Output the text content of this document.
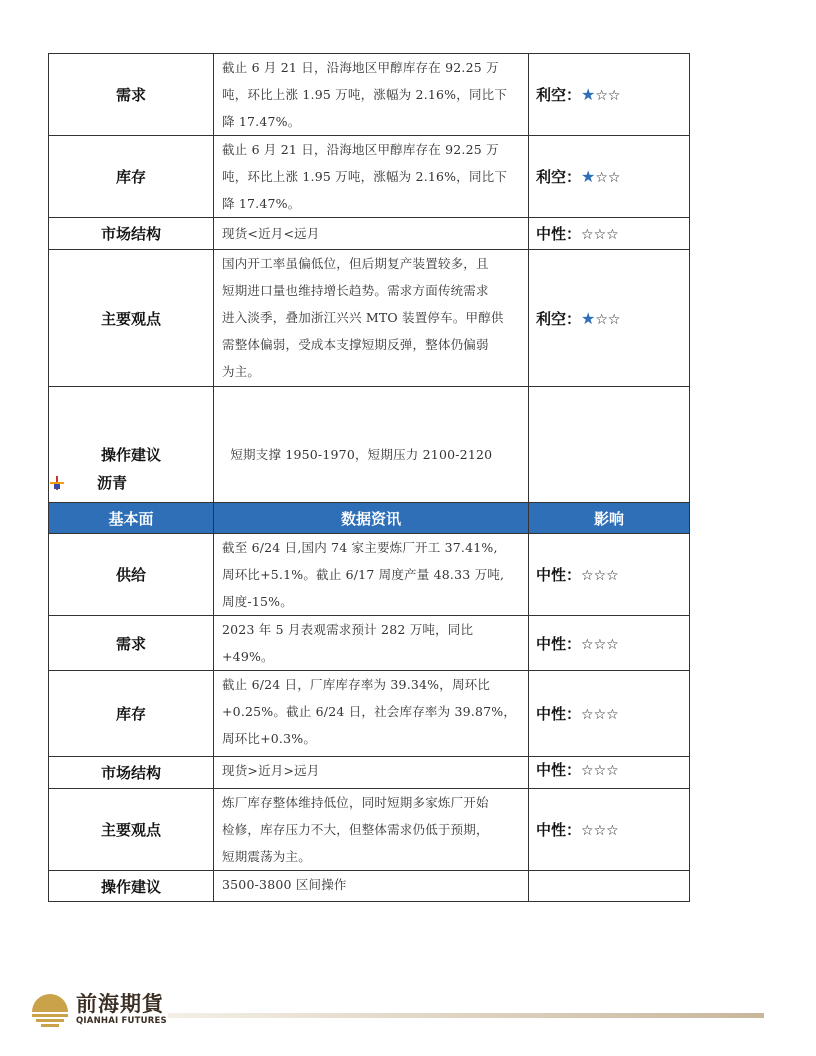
需求	截止 6 月 21 日，沿海地区甲醇库存在 92.25 万
吨，环比上涨 1.95 万吨，涨幅为 2.16%，同比下
降 17.47%。	利空：★☆☆
库存	截止 6 月 21 日，沿海地区甲醇库存在 92.25 万
吨，环比上涨 1.95 万吨，涨幅为 2.16%，同比下
降 17.47%。	利空：★☆☆
市场结构	现货<近月<远月	中性：☆☆☆
主要观点	国内开工率虽偏低位，但后期复产装置较多，且
短期进口量也维持增长趋势。需求方面传统需求
进入淡季，叠加浙江兴兴 MTO 装置停车。甲醇供
需整体偏弱，受成本支撑短期反弹，整体仍偏弱
为主。	利空：★☆☆
操作建议	短期支撑 1950-1970，短期压力 2100-2120	

沥青
基本面	数据资讯	影响
供给	截至 6/24 日,国内 74 家主要炼厂开工 37.41%,
周环比+5.1%。截止 6/17 周度产量 48.33 万吨,
周度-15%。	中性：☆☆☆
需求	2023 年 5 月表观需求预计 282 万吨，同比+49%。	中性：☆☆☆
库存	截止 6/24 日，厂库库存率为 39.34%，周环比
+0.25%。截止 6/24 日，社会库存率为 39.87%，
周环比+0.3%。	中性：☆☆☆
市场结构	现货>近月>远月	中性：☆☆☆
主要观点	炼厂库存整体维持低位，同时短期多家炼厂开始
检修，库存压力不大，但整体需求仍低于预期，
短期震荡为主。	中性：☆☆☆
操作建议	3500-3800 区间操作	

前海期貨
QIANHAI FUTURES
